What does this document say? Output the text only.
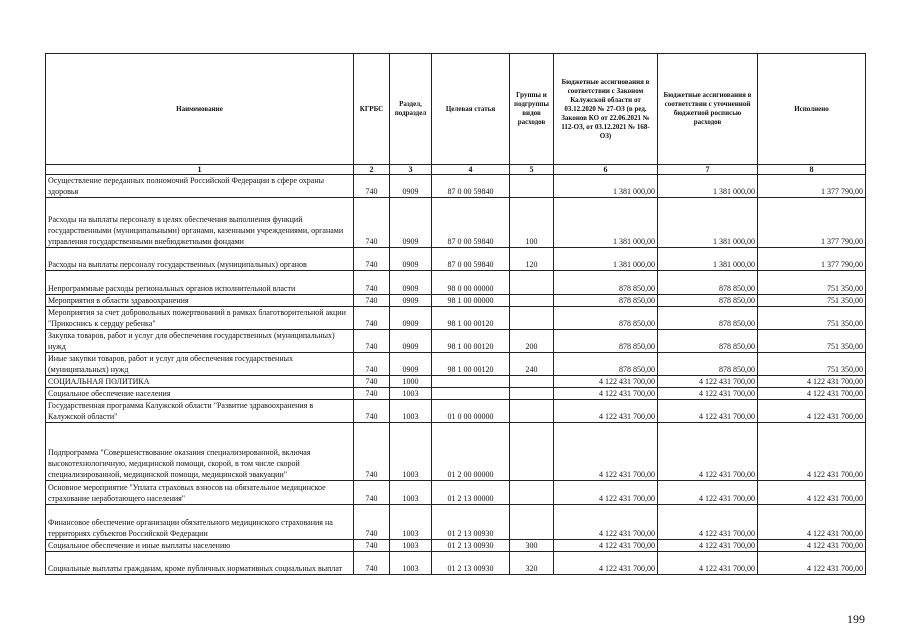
Наименование	КГРБС	Раздел, подраздел	Целевая статья	Группы и подгруппы видов расходов	Бюджетные ассигнования в соответствии с Законом Калужской области от 03.12.2020 № 27-ОЗ (в ред. Законов КО от 22.06.2021 № 112-ОЗ, от 03.12.2021 № 168-ОЗ)	Бюджетные ассигнования в соответствии с уточненной бюджетной росписью расходов	Исполнено
1	2	3	4	5	6	7	8
Осуществление переданных полномочий Российской Федерации в сфере охраны здоровья	740	0909	87 0 00 59840		1 381 000,00	1 381 000,00	1 377 790,00
Расходы на выплаты персоналу в целях обеспечения выполнения функций государственными (муниципальными) органами, казенными учреждениями, органами управления государственными внебюджетными фондами	740	0909	87 0 00 59840	100	1 381 000,00	1 381 000,00	1 377 790,00
Расходы на выплаты персоналу государственных (муниципальных) органов	740	0909	87 0 00 59840	120	1 381 000,00	1 381 000,00	1 377 790,00
Непрограммные расходы региональных органов исполнительной власти	740	0909	98 0 00 00000		878 850,00	878 850,00	751 350,00
Мероприятия в области здравоохранения	740	0909	98 1 00 00000		878 850,00	878 850,00	751 350,00
Мероприятия за счет добровольных пожертвований в рамках благотворительной акции "Прикоснись к сердцу ребенка"	740	0909	98 1 00 00120		878 850,00	878 850,00	751 350,00
Закупка товаров, работ и услуг для обеспечения государственных (муниципальных) нужд	740	0909	98 1 00 00120	200	878 850,00	878 850,00	751 350,00
Иные закупки товаров, работ и услуг для обеспечения государственных (муниципальных) нужд	740	0909	98 1 00 00120	240	878 850,00	878 850,00	751 350,00
СОЦИАЛЬНАЯ ПОЛИТИКА	740	1000			4 122 431 700,00	4 122 431 700,00	4 122 431 700,00
Социальное обеспечение населения	740	1003			4 122 431 700,00	4 122 431 700,00	4 122 431 700,00
Государственная программа Калужской области "Развитие здравоохранения в Калужской области"	740	1003	01 0 00 00000		4 122 431 700,00	4 122 431 700,00	4 122 431 700,00
Подпрограмма "Совершенствование оказания специализированной, включая высокотехнологичную, медицинской помощи, скорой, в том числе скорой специализированной, медицинской помощи, медицинской эвакуации"	740	1003	01 2 00 00000		4 122 431 700,00	4 122 431 700,00	4 122 431 700,00
Основное мероприятие "Уплата страховых взносов на обязательное медицинское страхование неработающего населения"	740	1003	01 2 13 00000		4 122 431 700,00	4 122 431 700,00	4 122 431 700,00
Финансовое обеспечение организации обязательного медицинского страхования на территориях субъектов Российской Федерации	740	1003	01 2 13 00930		4 122 431 700,00	4 122 431 700,00	4 122 431 700,00
Социальное обеспечение и иные выплаты населению	740	1003	01 2 13 00930	300	4 122 431 700,00	4 122 431 700,00	4 122 431 700,00
Социальные выплаты гражданам, кроме публичных нормативных социальных выплат	740	1003	01 2 13 00930	320	4 122 431 700,00	4 122 431 700,00	4 122 431 700,00
199
